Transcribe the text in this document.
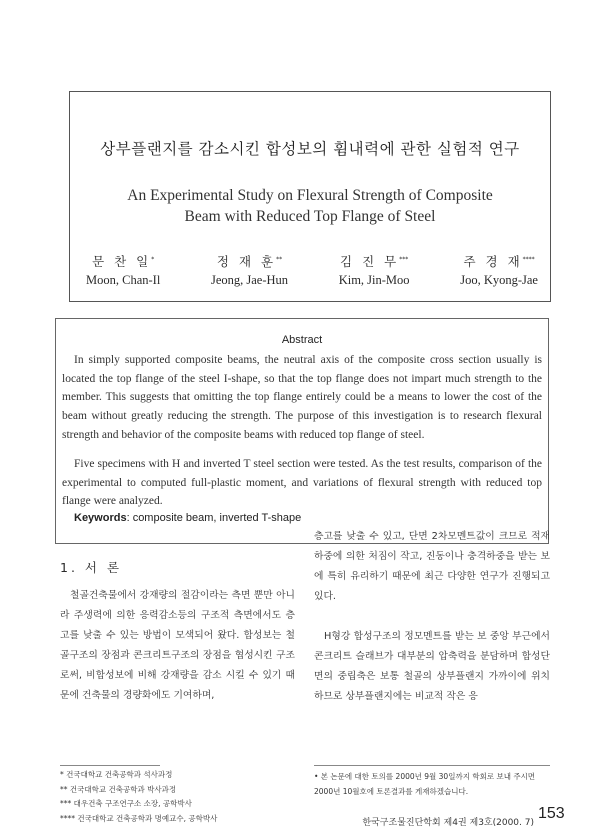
상부플랜지를 감소시킨 합성보의 휨내력에 관한 실험적 연구
An Experimental Study on Flexural Strength of Composite
Beam with Reduced Top Flange of Steel
문 찬 일*
Moon, Chan-Il
정 재 훈**
Jeong, Jae-Hun
김 진 무***
Kim, Jin-Moo
주 경 재****
Joo, Kyong-Jae
Abstract
In simply supported composite beams, the neutral axis of the composite cross section usually is located the top flange of the steel I-shape, so that the top flange does not impart much strength to the member. This suggests that omitting the top flange entirely could be a means to lower the cost of the beam without greatly reducing the strength. The purpose of this investigation is to research flexural strength and behavior of the composite beams with reduced top flange of steel.
Five specimens with H and inverted T steel section were tested. As the test results, comparison of the experimental to computed full-plastic moment, and variations of flexural strength with reduced top flange were analyzed.
Keywords: composite beam, inverted T-shape
1. 서 론
철골건축물에서 강재량의 절감이라는 측면 뿐만 아니라 주생력에 의한 응력감소등의 구조적 측면에서도 층고를 낮출 수 있는 방법이 모색되어 왔다. 합성보는 철골구조의 장점과 콘크리트구조의 장점을 협성시킨 구조로써, 비합성보에 비해 강재량을 감소 시킬 수 있기 때문에 건축물의 경량화에도 기여하며,
층고를 낮출 수 있고, 단면 2차모멘트값이 크므로 적재하중에 의한 처짐이 작고, 진동이나 충격하중을 받는 보에 특히 유리하기 때문에 최근 다양한 연구가 진행되고 있다.
H형강 합성구조의 정모멘트를 받는 보 중앙 부근에서 콘크리트 슬래브가 대부분의 압축력을 분담하며 합성단면의 중립축은 보통 철골의 상부플랜지 가까이에 위치하므로 상부플랜지에는 비교적 작은 응
* 건국대학교 건축공학과 석사과정
** 건국대학교 건축공학과 박사과정
*** 대우건축 구조연구소 소장, 공학박사
**** 건국대학교 건축공학과 명예교수, 공학박사
• 본 논문에 대한 토의를 2000년 9월 30일까지 학회로 보내 주시면 2000년 10월호에 토론결과를 게재하겠습니다.
한국구조물진단학회 제4권 제3호(2000. 7)
153
